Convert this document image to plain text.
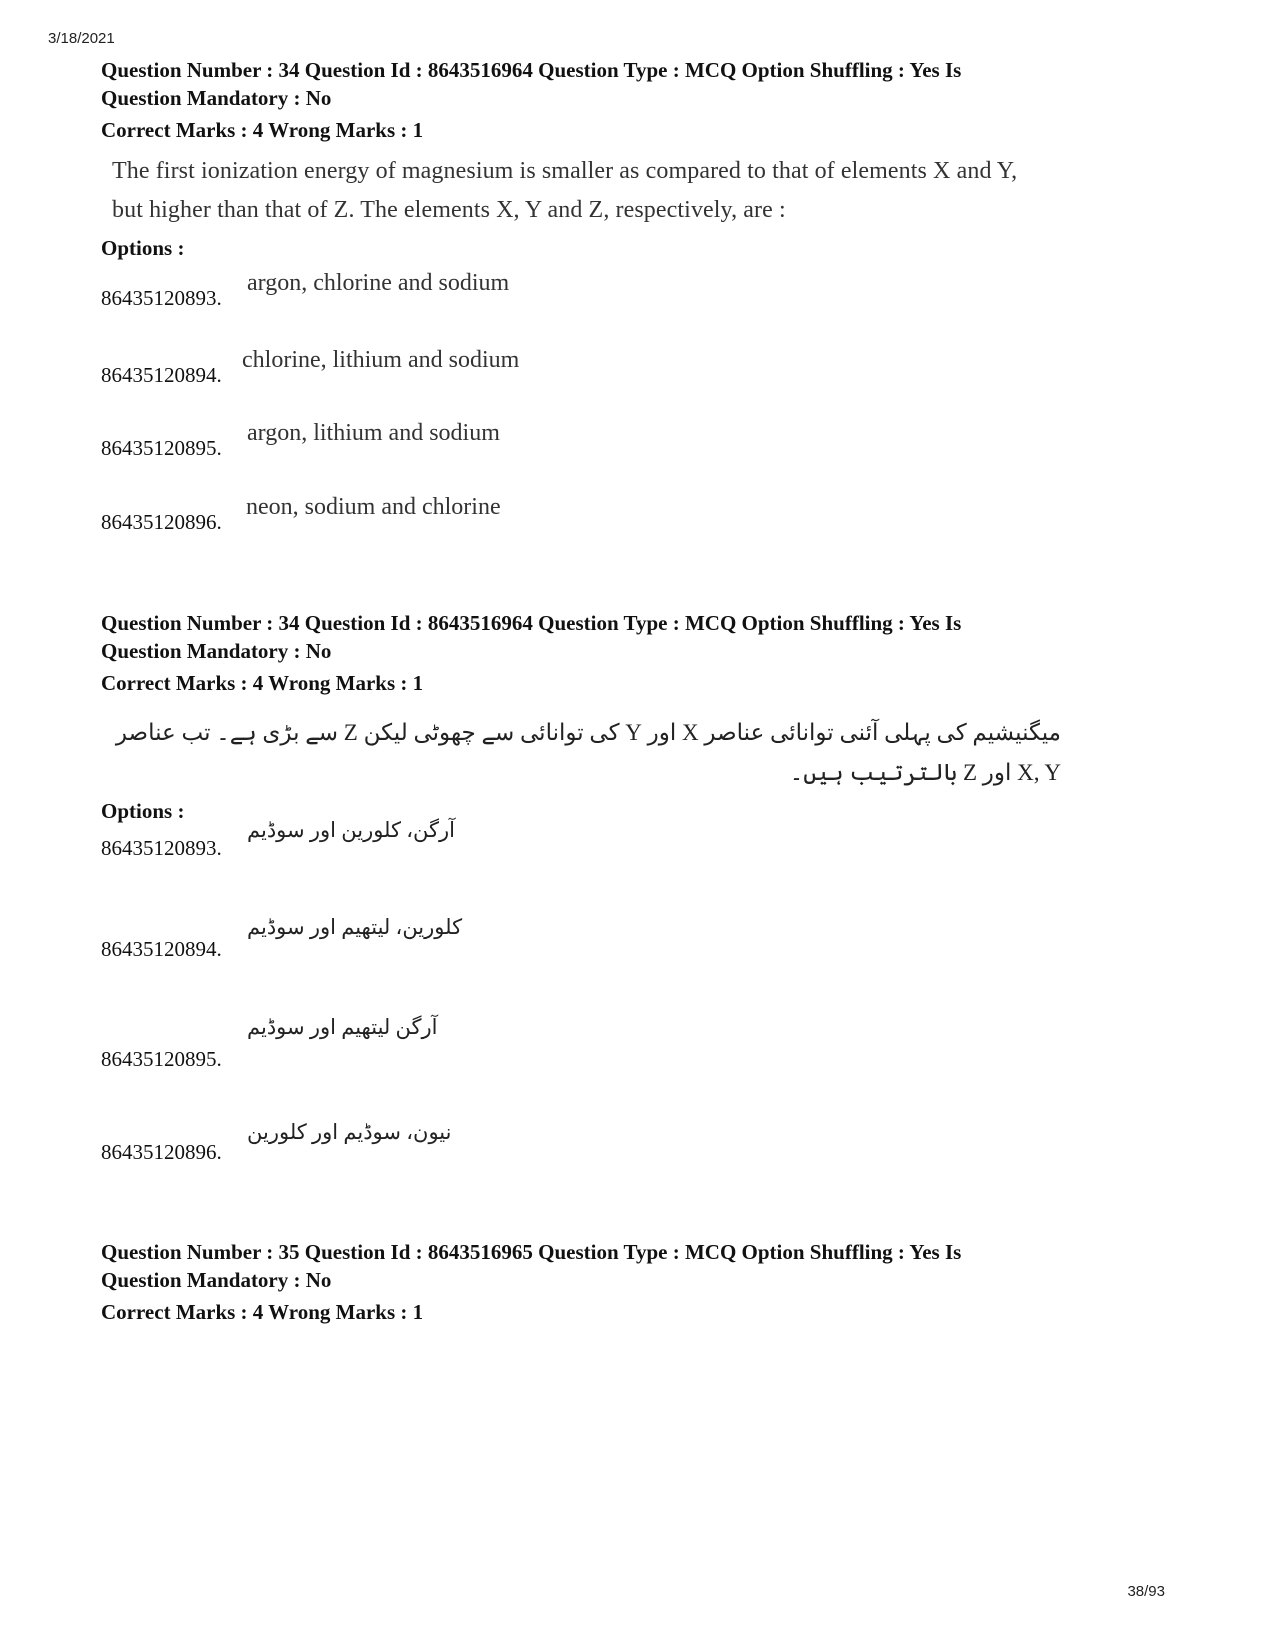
3/18/2021
Question Number : 34 Question Id : 8643516964 Question Type : MCQ Option Shuffling : Yes Is
Question Mandatory : No
Correct Marks : 4 Wrong Marks : 1
The first ionization energy of magnesium is smaller as compared to that of elements X and Y,
but higher than that of Z. The elements X, Y and Z, respectively, are :
Options :
86435120893.
argon, chlorine and sodium
86435120894.
chlorine, lithium and sodium
86435120895.
argon, lithium and sodium
86435120896.
neon, sodium and chlorine
Question Number : 34 Question Id : 8643516964 Question Type : MCQ Option Shuffling : Yes Is
Question Mandatory : No
Correct Marks : 4 Wrong Marks : 1
میگنیشیم کی پہلی آئنی توانائی عناصر X اور Y کی توانائی سے چھوٹی لیکن Z سے بڑی ہے۔ تب عناصر X, Y اور Z بالترتیب ہیں۔
Options :
86435120893.
آرگن، کلورین اور سوڈیم
86435120894.
کلورین، لیتھیم اور سوڈیم
86435120895.
آرگن لیتھیم اور سوڈیم
86435120896.
نیون، سوڈیم اور کلورین
Question Number : 35 Question Id : 8643516965 Question Type : MCQ Option Shuffling : Yes Is
Question Mandatory : No
Correct Marks : 4 Wrong Marks : 1
38/93
